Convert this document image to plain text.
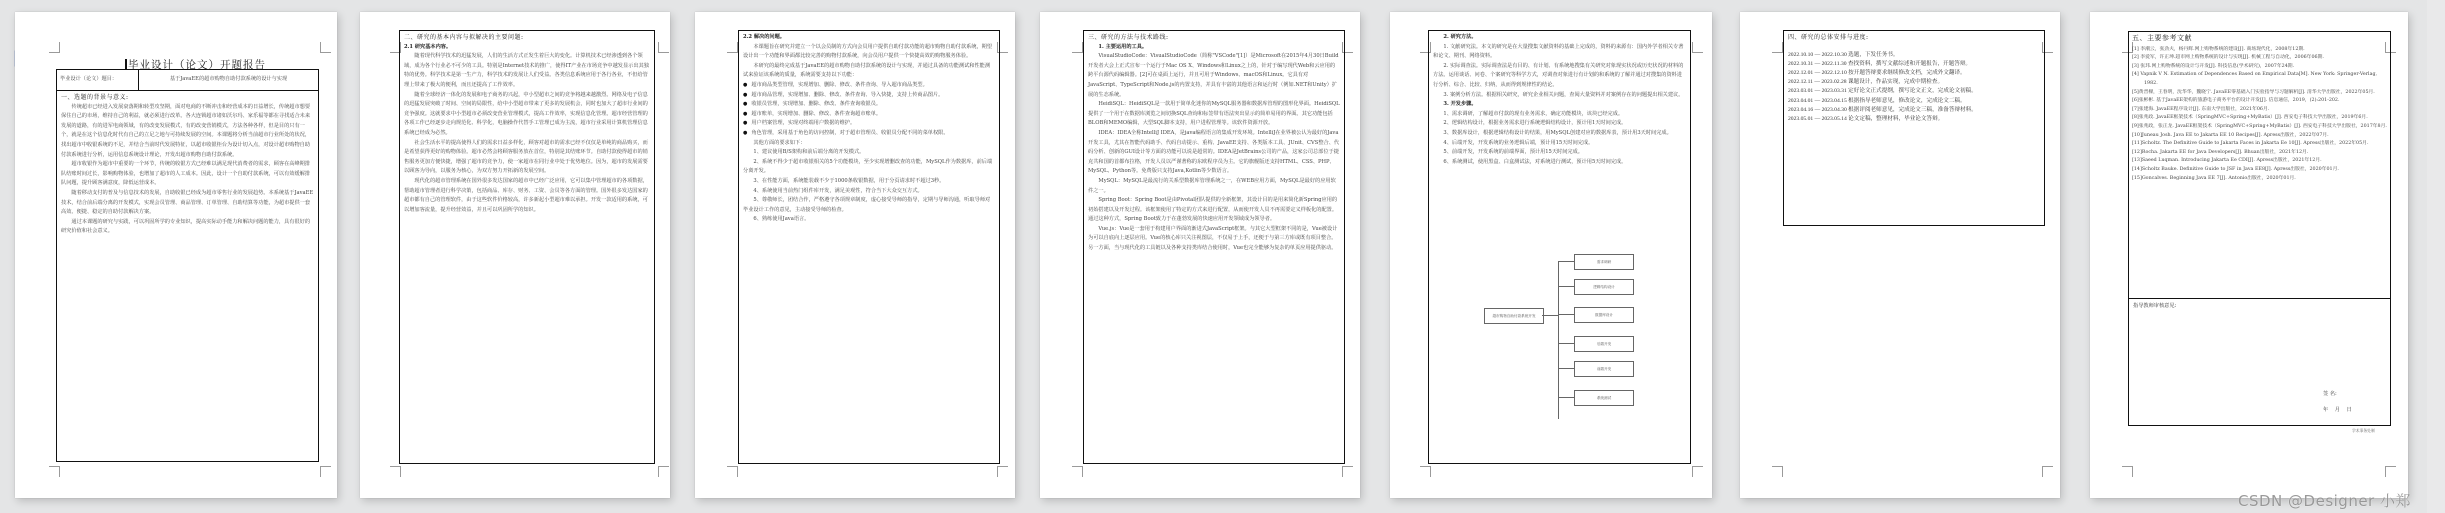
毕业设计（论文）开题报告
毕业设计（论文）题目：	基于JavaEE的超市购物自助付款系统的设计与实现

一、选题的背景与意义:

传统超市已经进入发展衰落期和转型攻坚期，面对电商的不断冲击和经营成本的日益增长，传统超市想要保住自己的市场，维持自己的利益，就必须进行改革。各大连锁超市诸如沃尔玛、家乐福等都在寻找适合未来发展的道路，有的进军电商领域，有的改变发展模式，有的改变营销模式，方法各种各样，但是目的只有一个，就是在这个信息化时代有自己的立足之地与可持续发展的空间。本课题将分析当前超市行业所处的状况，找出超市中收银系统的不足，并结合当前时代发展特征，以超市收银柜台为设计切入点，对设计超市购物自助付款系统进行分析，运用信息系统设计理论，开发出超市购物自助付款系统。

超市收银作为超市中重要的一个环节，传统的收银方式已经难以满足现代消费者的需求，顾客在高峰期排队结账时间过长，影响购物体验，也增加了超市的人工成本。因此，设计一个自助付款系统，可以有效缓解排队问题，提升顾客满意度，降低运营成本。

随着移动支付的普及与信息技术的发展，自助收银已经成为超市零售行业的发展趋势。本系统基于JavaEE技术，结合前后端分离的开发模式，实现会员管理、商品管理、订单管理、自助结算等功能，为超市提供一套高效、便捷、稳定的自助付款解决方案。

通过本课题的研究与实践，可以巩固所学的专业知识，提高实际动手能力和解决问题的能力，具有很好的研究价值和社会意义。

二、研究的基本内容与拟解决的主要问题:

2.1 研究基本内容。

随着现代科学技术的迅猛发展，人们的生活方式正发生着巨大的变化。计算机技术已经渗透到各个领域，成为各个行业必不可少的工具。特别是Internet技术的推广，使得IT产业在市场竞争中越发显示出其独特的优势。科学技术是第一生产力，科学技术的发展让人们受益。各类信息系统应用于各行各业，不但给管理上带来了极大的便利，而且还提高了工作效率。

随着全球经济一体化的发展和电子商务的兴起，中小型超市之间的竞争将越来越激烈。网络及电子信息的迅猛发展突破了时间、空间的局限性，给中小型超市带来了更多的发展机会，同时也加大了超市行业间的竞争强度。这就要求中小型超市必须改变营业管理模式，提高工作效率，实现信息化管理。超市经营管理的各项工作已经逐步走向规范化、科学化，电脑操作代替手工管理已成为主流，超市行业采用计算机管理信息系统已经成为必然。

社会生活水平的提高使得人们的需求日益多样化，顾客对超市的需求已经不仅仅是单纯的商品购买，而是希望获得更好的购物体验。超市必然会将顾客服务放在首位，特别是其结账环节。自助付款使得超市的销售服务更加方便快捷，增强了超市的竞争力，使一家超市在同行业中处于优势地位。因为，超市的发展需要以顾客为导向，以服务为核心，为双方努力开拓新的发展空间。

现代化的超市管理系统在国外很多发达国家的超市中已经广泛应用，它可以集中管理超市的各项数据，帮助超市管理者进行科学决策，包括商品、库存、财务、工资、会员等各方面的管理。国外很多发达国家的超市都有自己的管理软件，由于这些软件价格较高，许多新起小型超市难以承担。开发一款适用的系统，可以增加客流量，提升经营效益，并且可以巩固所学的知识。

2.2 解决的问题。

本课题旨在研究并建立一个以会员制的方式向会员用户提供自助付款功能的超市购物自助付款系统，期望设计出一个功能和界面都比较完善的购物付款系统，向会员用户提供一个快捷高效的购物服务体验。

本研究的最终完成基于JavaEE的超市购物自助付款系统的设计与实现，并通过具备的功能测试和性能测试来验证该系统的质量，系统需要支持以下功能：

● 超市商品类型管理，实现增加、删除、修改、条件查询、导入超市商品类型。

● 超市商品管理，实现增加、删除、修改、条件查询、导入快捷，支持上传商品图片。

● 收银员管理，实现增加、删除、修改、条件查询收银员。

● 超市账单，实现增加、删除、修改、条件查询超市账单。

● 用户档案管理，实现对终端用户数据的维护。

● 角色管理，采用基于角色的访问控制，对于超市管理员、收银员分配不同的菜单权限。

其他方面的要求如下：

1、建议使用B/S架构和前后端分离的开发模式。

2、系统不得少于超市收银相关的5个功能模块，至少实现增删改查的功能，MySQL作为数据库，前后端分离开发。

3、在性能方面，系统能装载不少于1000条收银数据，用于分页请求时不超过3秒。

4、系统使用当前热门组件库开发，满足美观性，符合当下大众交互方式。

5、尊敬师长，团结合作，严格遵守各项规章制度，虚心接受导师的指导，定期与导师沟通，听取导师对毕业设计工作的意见，主动接受导师的检查。

6、熟练使用Java语言。

三、研究的方法与技术路线:

1. 主要运用的工具。

VisualStudioCode：VisualStudioCode（简称"VSCode"[1]）是Microsoft在2015年4月30日Build开发者大会上正式宣布一个运行于Mac OS X、Windows和Linux之上的，针对于编写现代Web和云应用的跨平台源代码编辑器。[2]可在桌面上运行，并且可用于Windows、macOS和Linux。它具有对JavaScript、TypeScript和Node.js的内置支持，并具有丰富的其他语言和运行时（例如.NET和Unity）扩展的生态系统。

HeidiSQL：HeidiSQL是一款用于简单化迷你的MySQL服务器和数据库管理的图形化界面。HeidiSQL提供了一个用于在数据库浏览之间切换SQL查询和标签带有语法突出显示的简单易用的界面。其它功能包括BLOB和MEMO编辑，大型SQL脚本支持，用户进程管理等。该软件资源开放。

IDEA：IDEA全称IntelliJ IDEA，是java编程语言的集成开发环境。IntelliJ在业界被公认为最好的Java开发工具，尤其在智能代码助手、代码自动提示、重构、JavaEE支持、各类版本工具、JUnit、CVS整合、代码分析、创新的GUI设计等方面的功能可以说是超常的。IDEA是JetBrains公司的产品，这家公司总部位于捷克共和国的首都布拉格，开发人员以严谨著称的东欧程序员为主。它的旗舰版还支持HTML、CSS、PHP、MySQL、Python等。免费版只支持Java,Kotlin等少数语言。

MySQL：MySQL是最流行的关系型数据库管理系统之一，在WEB应用方面，MySQL是最好的应用软件之一。

Spring Boot：Spring Boot是由Pivotal团队提供的全新框架，其设计目的是用来简化新Spring应用的初始搭建以及开发过程。该框架使用了特定的方式来进行配置，从而使开发人员不再需要定义样板化的配置。通过这种方式，Spring Boot致力于在蓬勃发展的快速应用开发领域成为领导者。

Vue.js：Vue是一套用于构建用户界面的渐进式JavaScript框架。与其它大型框架不同的是，Vue被设计为可以自底向上逐层应用。Vue的核心库只关注视图层，不仅易于上手，还便于与第三方库或既有项目整合。另一方面，当与现代化的工具链以及各种支持类库结合使用时，Vue也完全能够为复杂的单页应用提供驱动。

2. 研究方法。

1. 文献研究法。本文的研究是在大量搜集文献资料的基础上完成的，资料的来源有：国内外学者相关专著和论文、期刊、网络资料。

2. 实际调查法。实际调查法是有目的、有计划、有系统地搜集有关研究对象现实状况或历史状况的材料的方法。运用谈话、问卷、个案研究等科学方式，对调查对象进行有计划的和系统的了解并通过对搜集的资料进行分析、综合、比较、归纳，从而得到规律性的结论。

3. 案例分析方法。根据相关研究，研究企业相关问题，查阅大量资料并对案例存在的问题提出相关建议。

3. 开发步骤。

1、需求调研，了解超市付款的现有业务需求，确定功能模块，该块已经完成。

2、逻辑结构设计，根据业务需求进行系统逻辑结构设计，预计用1天时间完成。

3、数据库设计，根据逻辑结构设计的结果，用MySQL创建对应的数据库表，预计用3天时间完成。

4、后端开发，开发系统的业务逻辑后端，预计用15天时间完成。

5、前端开发，开发系统的前端界面，预计用15天时间完成。

6、系统测试，使用黑盒、白盒测试法，对系统进行测试，预计用5天时间完成。

超市购物自助付款系统开发
需求调研
逻辑结构设计
数据库设计
后端开发
前端开发
系统测试

四、研究的总体安排与进度:

2022.10.10 — 2022.10.30 选题，下发任务书。

2022.10.31 — 2022.11.30 查找资料，撰写文献综述和开题报告，开题答辩。

2022.12.01 — 2022.12.10 按开题答辩要求继续修改文档，完成外文翻译。

2022.12.11 — 2023.02.28 课题设计，作品实现，完成中期检查。

2023.03.01 — 2023.03.31 定好论文正式提纲，撰写论文正文，完成论文初稿。

2023.04.01 — 2023.04.15 根据指导老师意见，修改论文，完成论文二稿。

2023.04.16 — 2023.04.30 根据评阅老师意见，完成论文三稿，准备答辩材料。

2023.05.01 — 2023.05.14 论文定稿，整理材料，毕业论文答辩。

五、主要参考文献

[1] 李潮云，张劲夫，杨丹辉.网上购物系统的建设[J]. 商场现代化，2008年12期.

[2] 李爱军，许正坤.超市网上购物系统的设计与实现[J]. 机械工程与自动化，2006年06期.

[3] 张玮.网上购物系统的设计与开发[J]. 科技信息(学术研究)，2007年24期.

[4] Vapnik V N. Estimation of Dependences Based on Empirical Data[M]. New York: Springer-Verlag, 1982.

[5]黄晋樑，王春明，沈华华，魏晓宁. JavaEE零基础入门实验指导与习题解析[J]. 清华大学出版社，2022年05月.

[6]张彬彬. 基于JavaEE架构的旅游电子商务平台的设计开发[J]. 信息通信，2019，(2):201-202.

[7]张建海. JavaEE程序设计[J]. 东南大学出版社，2021年06月.

[8]张兆政. JavaEE框架技术（SpringMVC+Spring+MyBatis）[J]. 西安电子科技大学出版社，2019年6月.

[9]张兆政，张正龙. JavaEE框架技术（SpringMVC+Spring+MyBatis）[J]. 西安电子科技大学出版社，2017年8月.

[10]Juneau Josh. Java EE to Jakarta EE 10 Recipes[J]. Apress出版社，2022年07月.

[11]Scholtz. The Definitive Guide to Jakarta Faces in Jakarta Ee 10[J]. Apress出版社，2022年05月.

[12]Rocha. Jakarta EE for Java Developers[J]. Bhuan出版社，2021年12月.

[13]Saeed Luqman. Introducing Jakarta Ee CDI[J]. Apress出版社，2021年12月.

[14]Scholtz Bauke. Definitive Guide to JSF in Java EE8[J]. Apress出版社，2020年01月.

[15]Goncalves. Beginning Java EE 7[J]. Antonio出版社，2020年01月.

指导教师审核意见:

签 名:

年    月    日

学术事务处制

CSDN @Designer 小郑
